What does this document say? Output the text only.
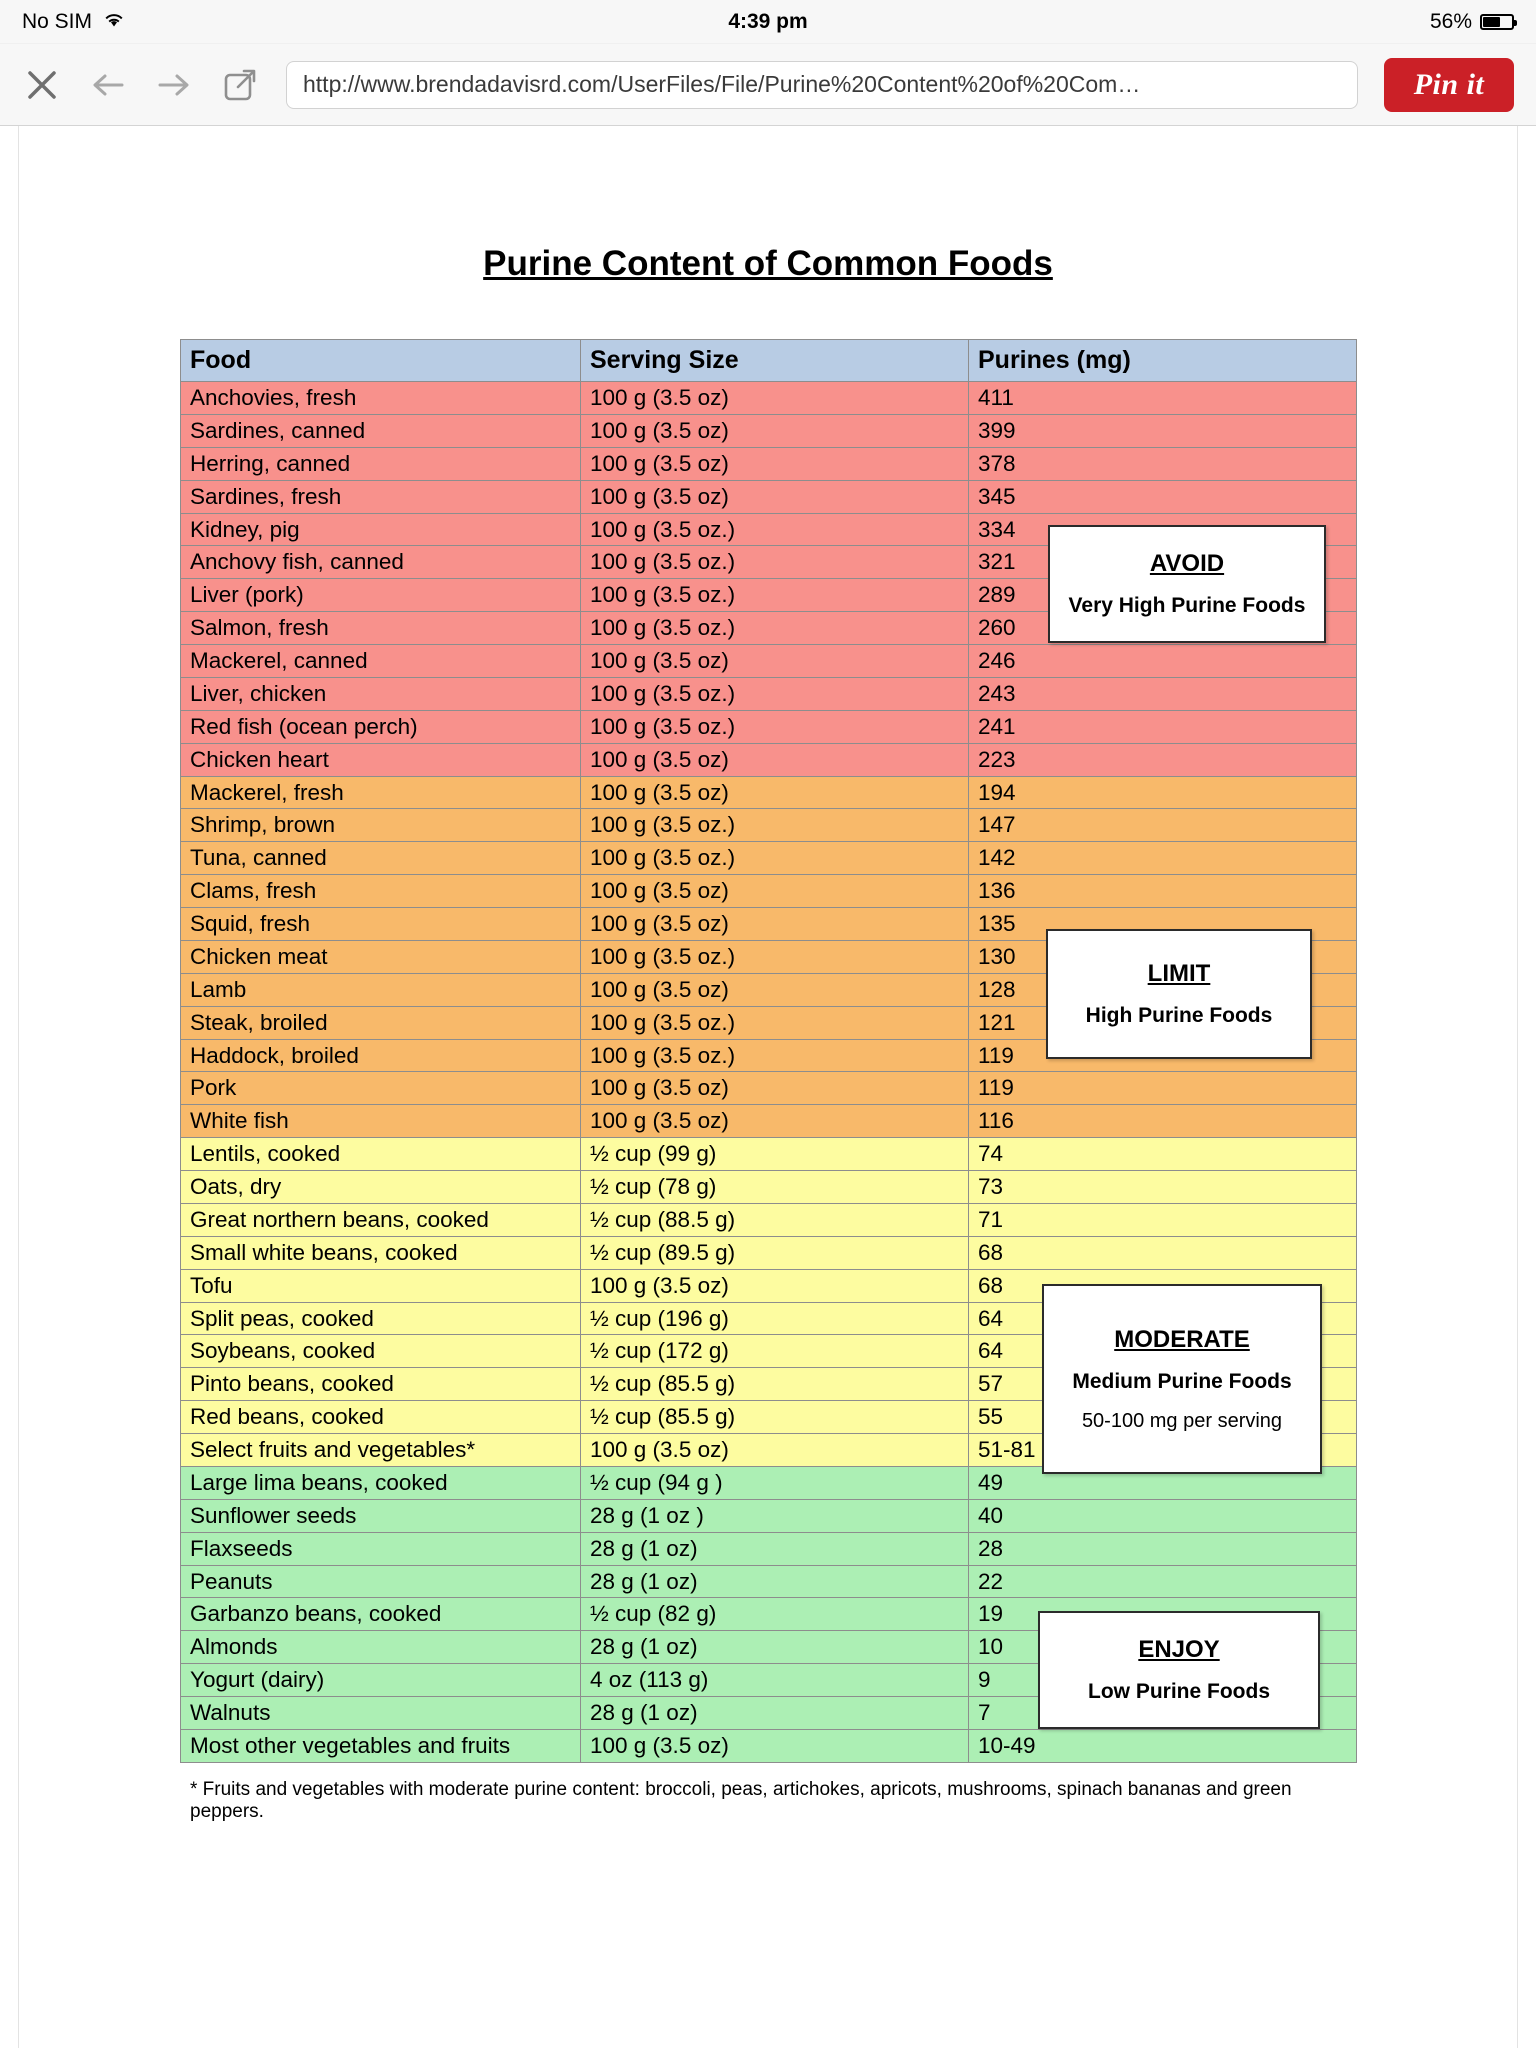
No SIM	4:39 pm	56%
http://www.brendadavisrd.com/UserFiles/File/Purine%20Content%20of%20Com…	Pin it
Purine Content of Common Foods
Food	Serving Size	Purines (mg)
Anchovies, fresh	100 g (3.5 oz)	411
Sardines, canned	100 g (3.5 oz)	399
Herring, canned	100 g (3.5 oz)	378
Sardines, fresh	100 g (3.5 oz)	345
Kidney, pig	100 g (3.5 oz.)	334
Anchovy fish, canned	100 g (3.5 oz.)	321
Liver (pork)	100 g (3.5 oz.)	289
Salmon, fresh	100 g (3.5 oz.)	260
Mackerel, canned	100 g (3.5 oz)	246
Liver, chicken	100 g (3.5 oz.)	243
Red fish (ocean perch)	100 g (3.5 oz.)	241
Chicken heart	100 g (3.5 oz)	223
Mackerel, fresh	100 g (3.5 oz)	194
Shrimp, brown	100 g (3.5 oz.)	147
Tuna, canned	100 g (3.5 oz.)	142
Clams, fresh	100 g (3.5 oz)	136
Squid, fresh	100 g (3.5 oz)	135
Chicken meat	100 g (3.5 oz.)	130
Lamb	100 g (3.5 oz)	128
Steak, broiled	100 g (3.5 oz.)	121
Haddock, broiled	100 g (3.5 oz.)	119
Pork	100 g (3.5 oz)	119
White fish	100 g (3.5 oz)	116
Lentils, cooked	½ cup (99 g)	74
Oats, dry	½ cup (78 g)	73
Great northern beans, cooked	½ cup (88.5 g)	71
Small white beans, cooked	½ cup (89.5 g)	68
Tofu	100 g (3.5 oz)	68
Split peas, cooked	½ cup (196 g)	64
Soybeans, cooked	½ cup (172 g)	64
Pinto beans, cooked	½ cup (85.5 g)	57
Red beans, cooked	½ cup (85.5 g)	55
Select fruits and vegetables*	100 g (3.5 oz)	51-81
Large lima beans, cooked	½ cup (94 g )	49
Sunflower seeds	28 g (1 oz )	40
Flaxseeds	28 g (1 oz)	28
Peanuts	28 g (1 oz)	22
Garbanzo beans, cooked	½ cup (82 g)	19
Almonds	28 g (1 oz)	10
Yogurt (dairy)	4 oz (113 g)	9
Walnuts	28 g (1 oz)	7
Most other vegetables and fruits	100 g (3.5 oz)	10-49
AVOID
Very High Purine Foods
LIMIT
High Purine Foods
MODERATE
Medium Purine Foods
50-100 mg per serving
ENJOY
Low Purine Foods
* Fruits and vegetables with moderate purine content: broccoli, peas, artichokes, apricots, mushrooms, spinach bananas and green peppers.
